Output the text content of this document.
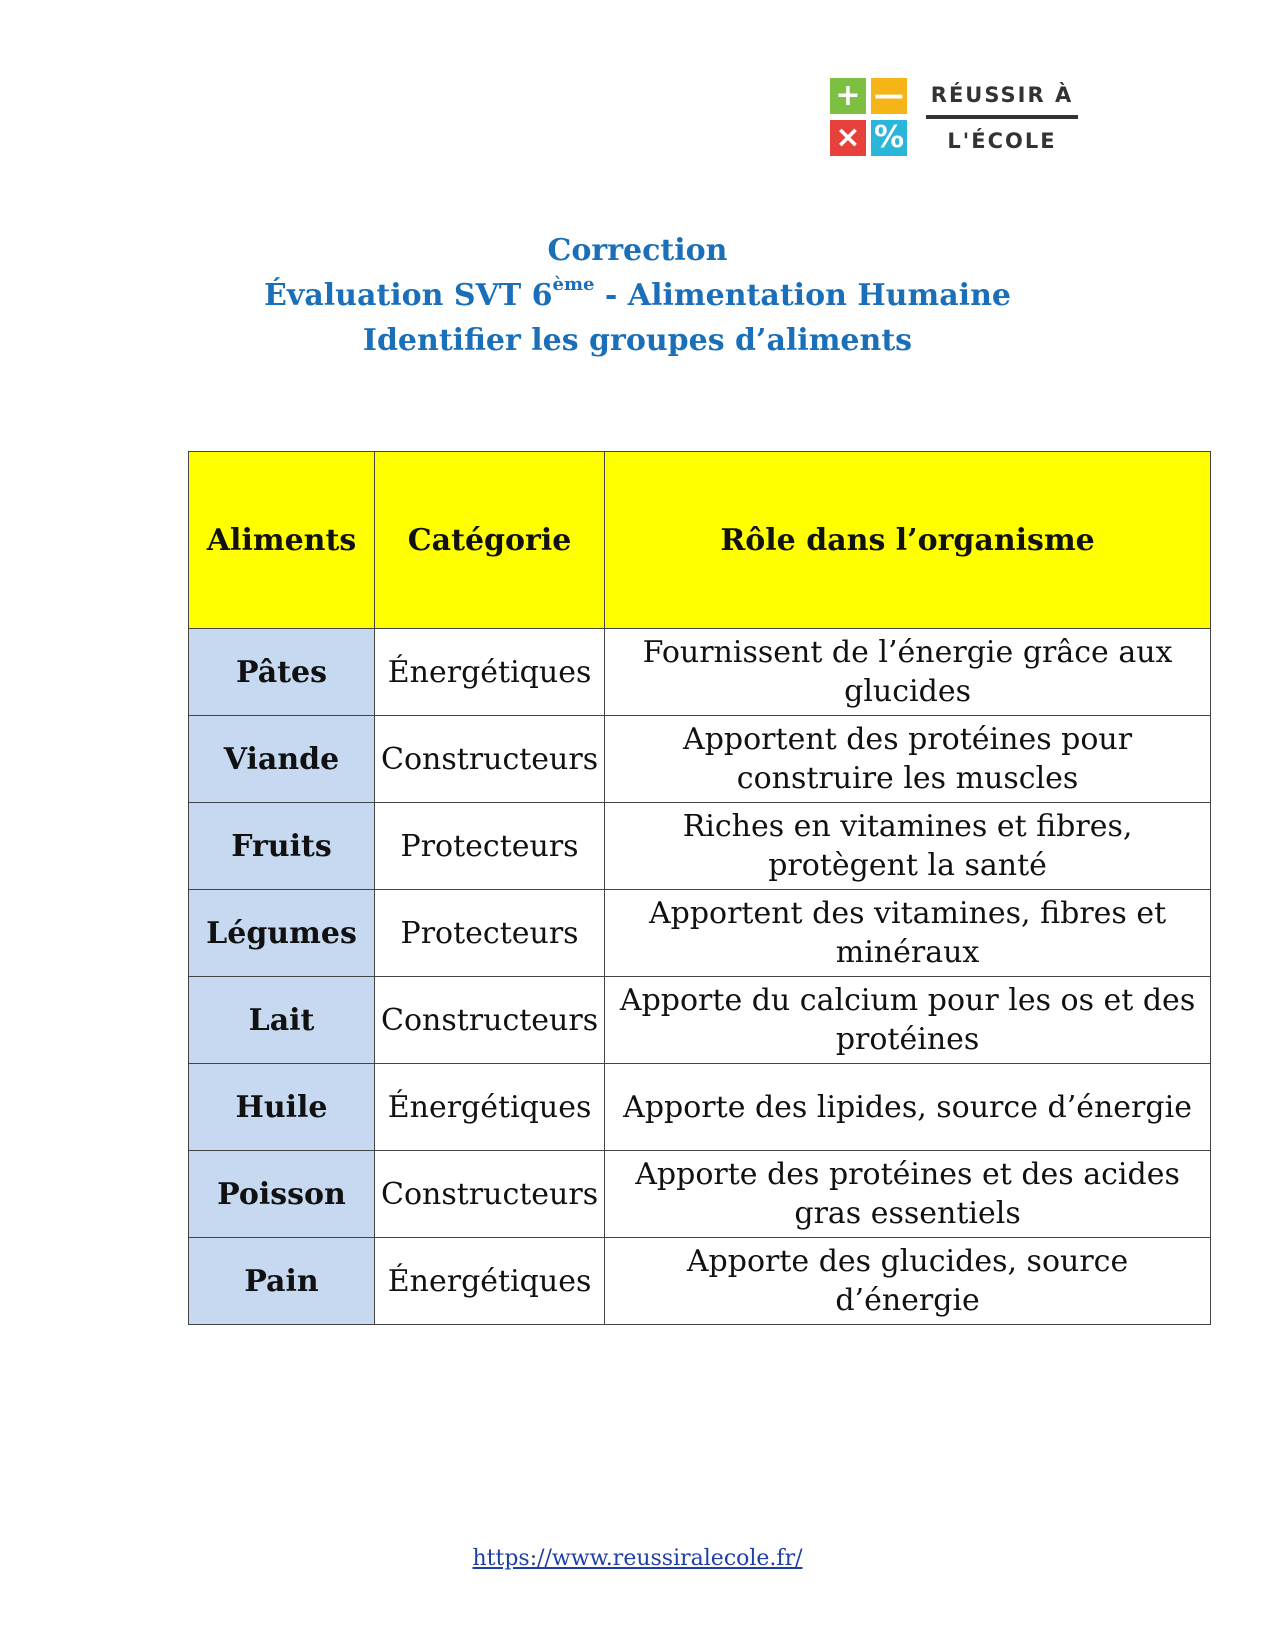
+ —
× %
RÉUSSIR À
L'ÉCOLE
Correction
Évaluation SVT 6ème - Alimentation Humaine
Identifier les groupes d’aliments
Aliments	Catégorie	Rôle dans l’organisme
Pâtes	Énergétiques	Fournissent de l’énergie grâce aux glucides
Viande	Constructeurs	Apportent des protéines pour construire les muscles
Fruits	Protecteurs	Riches en vitamines et fibres, protègent la santé
Légumes	Protecteurs	Apportent des vitamines, fibres et minéraux
Lait	Constructeurs	Apporte du calcium pour les os et des protéines
Huile	Énergétiques	Apporte des lipides, source d’énergie
Poisson	Constructeurs	Apporte des protéines et des acides gras essentiels
Pain	Énergétiques	Apporte des glucides, source d’énergie
https://www.reussiralecole.fr/
